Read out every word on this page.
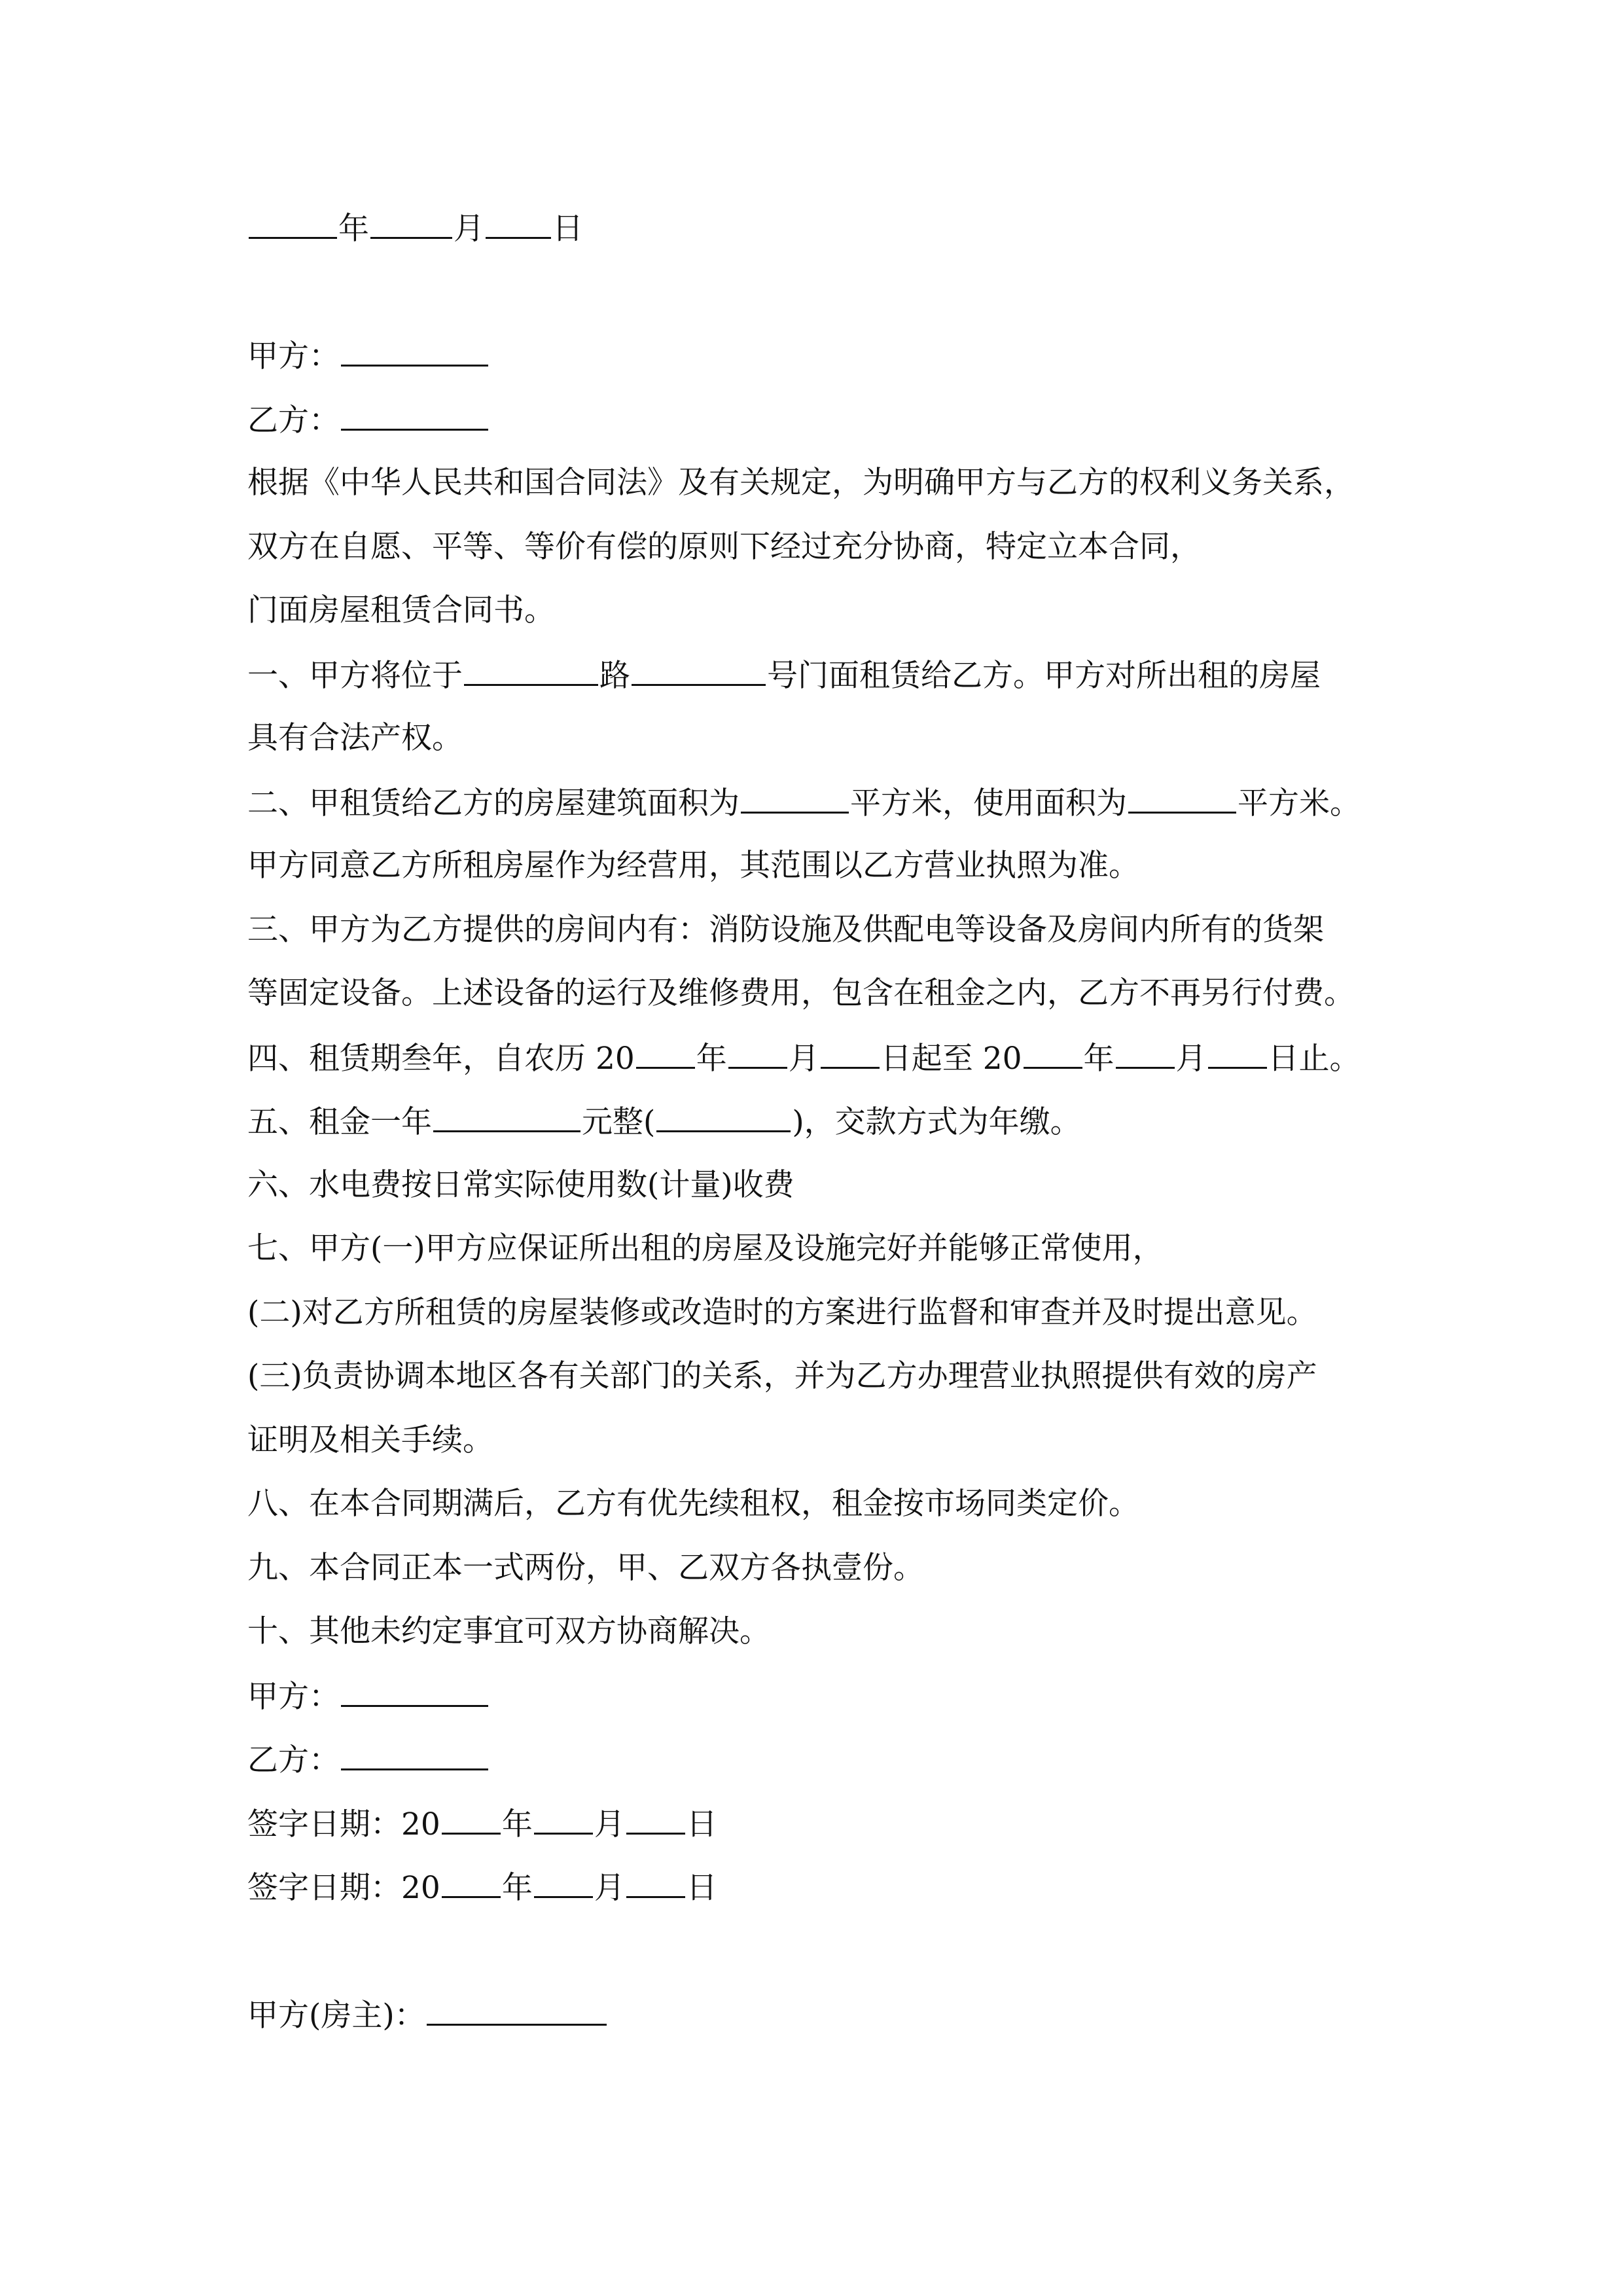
年	月 日
甲方：
乙方：
根据《中华人民共和国合同法》及有关规定，为明确甲方与乙方的权利义务关系，
双方在自愿、平等、等价有偿的原则下经过充分协商，特定立本合同，
门面房屋租赁合同书。
一、甲方将位于	路	号门面租赁给乙方。甲方对所出租的房屋
具有合法产权。
二、甲租赁给乙方的房屋建筑面积为	平方米，使用面积为	平方米。
甲方同意乙方所租房屋作为经营用，其范围以乙方营业执照为准。
三、甲方为乙方提供的房间内有：消防设施及供配电等设备及房间内所有的货架
等固定设备。上述设备的运行及维修费用，包含在租金之内，乙方不再另行付费。
四、租赁期叁年，自农历 20 年 月 日起至 20 年 月 日止。
五、租金一年	元整(	)，交款方式为年缴。
六、水电费按日常实际使用数(计量)收费
七、甲方(一)甲方应保证所出租的房屋及设施完好并能够正常使用，
(二)对乙方所租赁的房屋装修或改造时的方案进行监督和审查并及时提出意见。
(三)负责协调本地区各有关部门的关系，并为乙方办理营业执照提供有效的房产
证明及相关手续。
八、在本合同期满后，乙方有优先续租权，租金按市场同类定价。
九、本合同正本一式两份，甲、乙双方各执壹份。
十、其他未约定事宜可双方协商解决。
甲方：
乙方：
签字日期：20 年 月 日
签字日期：20 年 月 日
甲方(房主)：
